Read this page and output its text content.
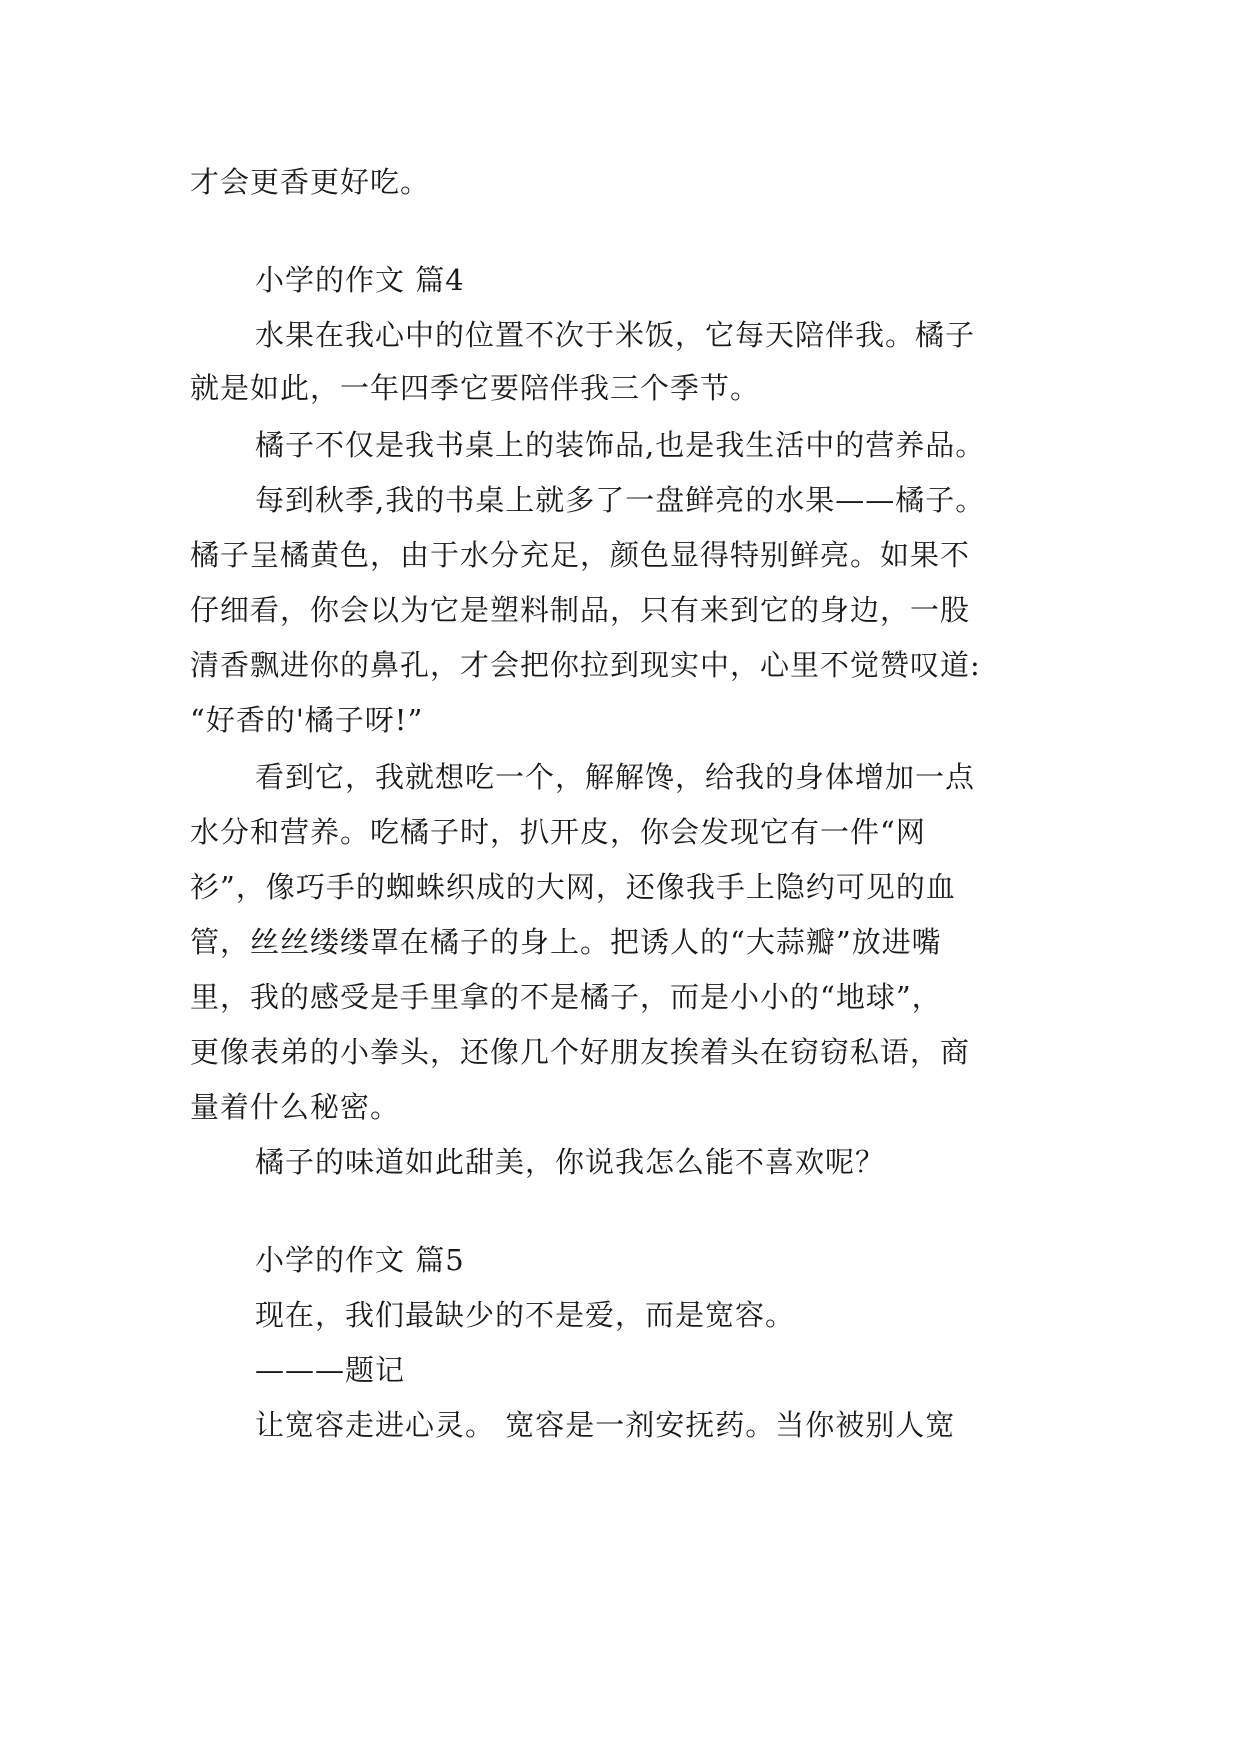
才会更香更好吃。
小学的作文 篇4
水果在我心中的位置不次于米饭，它每天陪伴我。橘子
就是如此，一年四季它要陪伴我三个季节。
橘子不仅是我书桌上的装饰品,也是我生活中的营养品。
每到秋季,我的书桌上就多了一盘鲜亮的水果——橘子。
橘子呈橘黄色，由于水分充足，颜色显得特别鲜亮。如果不
仔细看，你会以为它是塑料制品，只有来到它的身边，一股
清香飘进你的鼻孔，才会把你拉到现实中，心里不觉赞叹道:
“好香的'橘子呀!”
看到它，我就想吃一个，解解馋，给我的身体增加一点
水分和营养。吃橘子时，扒开皮，你会发现它有一件“网
衫”，像巧手的蜘蛛织成的大网，还像我手上隐约可见的血
管，丝丝缕缕罩在橘子的身上。把诱人的“大蒜瓣”放进嘴
里，我的感受是手里拿的不是橘子，而是小小的“地球”，
更像表弟的小拳头，还像几个好朋友挨着头在窃窃私语，商
量着什么秘密。
橘子的味道如此甜美，你说我怎么能不喜欢呢？
小学的作文 篇5
现在，我们最缺少的不是爱，而是宽容。
———题记
让宽容走进心灵。 宽容是一剂安抚药。当你被别人宽
